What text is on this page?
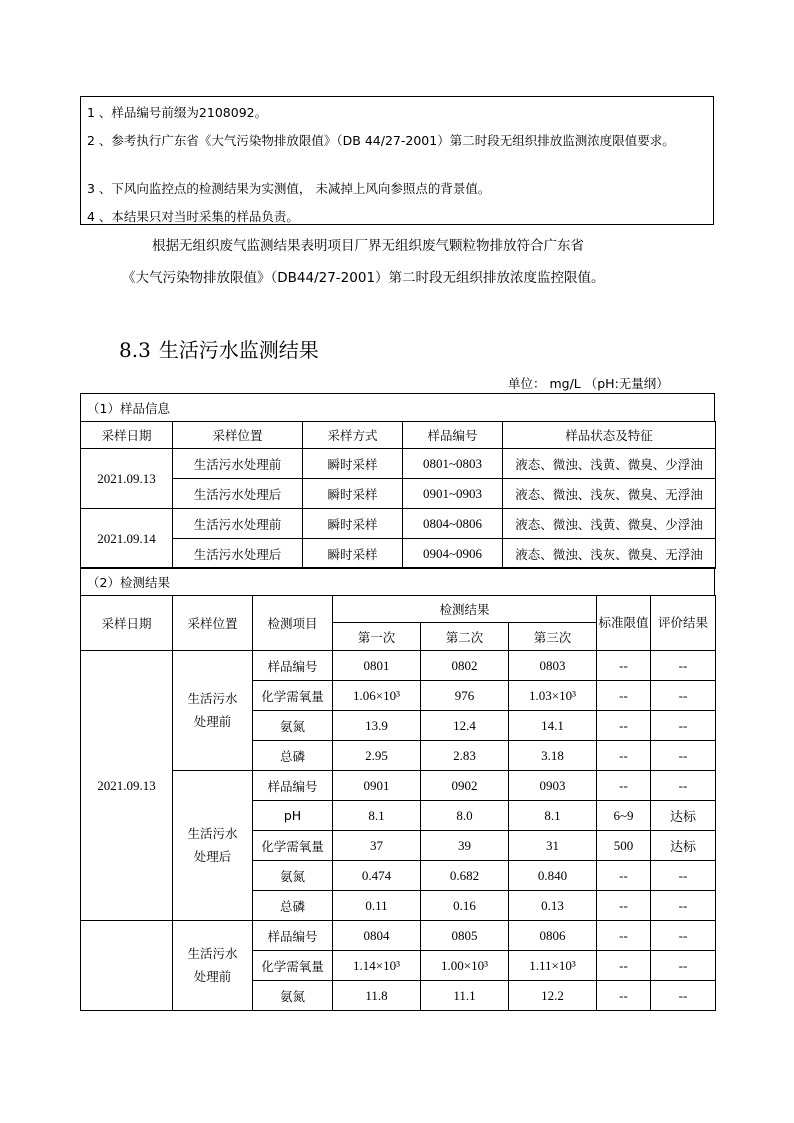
1 、样品编号前缀为2108092。
2 、参考执行广东省《大气污染物排放限值》（DB 44/27-2001）第二时段无组织排放监测浓度限值要求。
3 、下风向监控点的检测结果为实测值， 未减掉上风向参照点的背景值。
4 、本结果只对当时采集的样品负责。
根据无组织废气监测结果表明项目厂界无组织废气颗粒物排放符合广东省
《大气污染物排放限值》（DB44/27-2001）第二时段无组织排放浓度监控限值。
8.3 生活污水监测结果
单位： mg/L （pH:无量纲）
（1）样品信息
采样日期	采样位置	采样方式	样品编号	样品状态及特征
2021.09.13	生活污水处理前	瞬时采样	0801~0803	液态、微浊、浅黄、微臭、少浮油
	生活污水处理后	瞬时采样	0901~0903	液态、微浊、浅灰、微臭、无浮油
2021.09.14	生活污水处理前	瞬时采样	0804~0806	液态、微浊、浅黄、微臭、少浮油
	生活污水处理后	瞬时采样	0904~0906	液态、微浊、浅灰、微臭、无浮油
（2）检测结果
采样日期	采样位置	检测项目	检测结果			标准限值	评价结果
			第一次	第二次	第三次		
2021.09.13	生活污水处理前	样品编号	0801	0802	0803	--	--
		化学需氧量	1.06×10³	976	1.03×10³	--	--
		氨氮	13.9	12.4	14.1	--	--
		总磷	2.95	2.83	3.18	--	--
	生活污水处理后	样品编号	0901	0902	0903	--	--
		pH	8.1	8.0	8.1	6~9	达标
		化学需氧量	37	39	31	500	达标
		氨氮	0.474	0.682	0.840	--	--
		总磷	0.11	0.16	0.13	--	--
	生活污水处理前	样品编号	0804	0805	0806	--	--
		化学需氧量	1.14×10³	1.00×10³	1.11×10³	--	--
		氨氮	11.8	11.1	12.2	--	--
